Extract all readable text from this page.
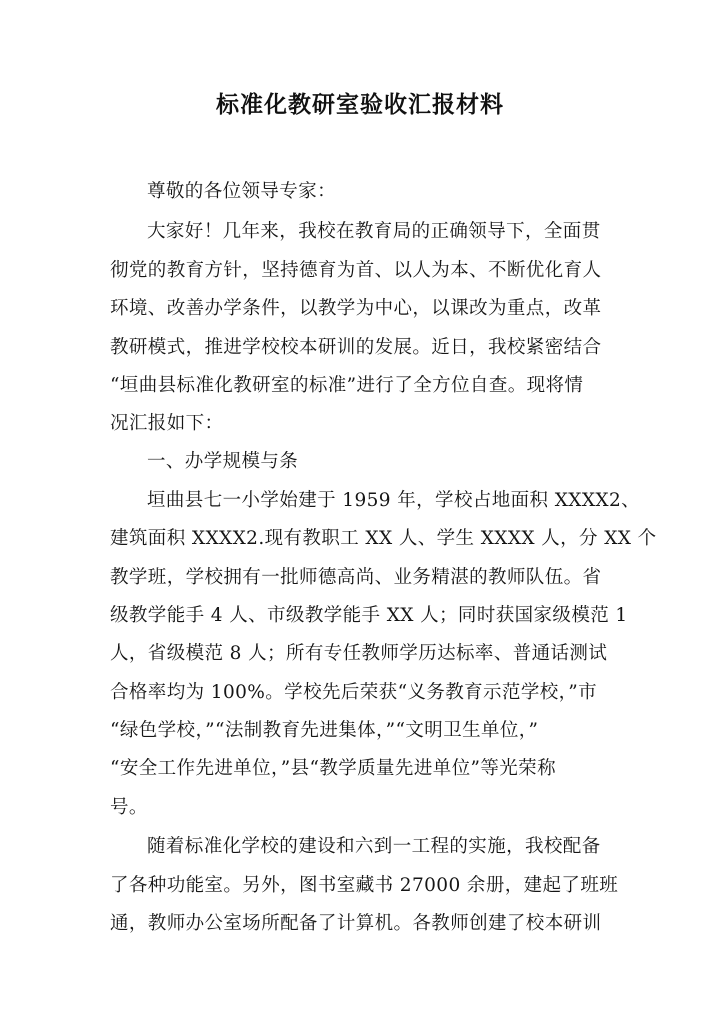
标准化教研室验收汇报材料
尊敬的各位领导专家：
大家好！几年来，我校在教育局的正确领导下，全面贯
彻党的教育方针，坚持德育为首、以人为本、不断优化育人
环境、改善办学条件，以教学为中心，以课改为重点，改革
教研模式，推进学校校本研训的发展。近日，我校紧密结合
“垣曲县标准化教研室的标准”进行了全方位自查。现将情
况汇报如下：
一、办学规模与条
垣曲县七一小学始建于 1959 年，学校占地面积 XXXX2、
建筑面积 XXXX2.现有教职工 XX 人、学生 XXXX 人，分 XX 个
教学班，学校拥有一批师德高尚、业务精湛的教师队伍。省
级教学能手 4 人、市级教学能手 XX 人；同时获国家级模范 1
人，省级模范 8 人；所有专任教师学历达标率、普通话测试
合格率均为 100%。学校先后荣获“义务教育示范学校，”市
“绿色学校，”“法制教育先进集体，”“文明卫生单位，”
“安全工作先进单位，”县“教学质量先进单位”等光荣称
号。
随着标准化学校的建设和六到一工程的实施，我校配备
了各种功能室。另外，图书室藏书 27000 余册，建起了班班
通，教师办公室场所配备了计算机。各教师创建了校本研训
